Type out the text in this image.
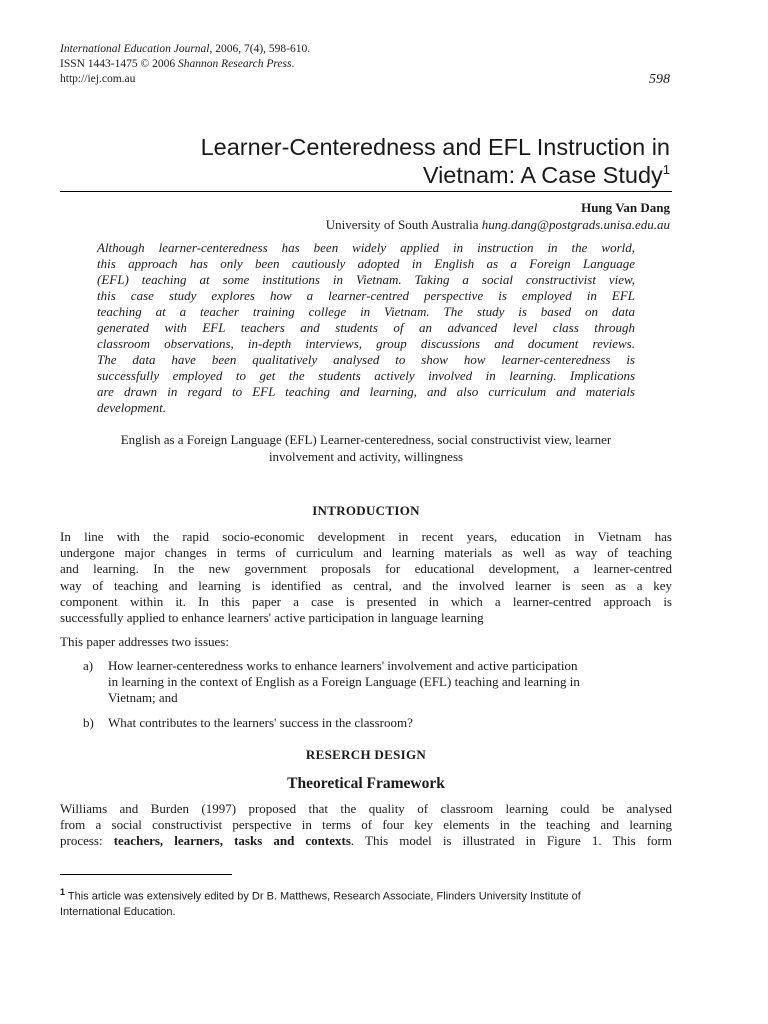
International Education Journal, 2006, 7(4), 598-610.
ISSN 1443-1475 © 2006 Shannon Research Press.
http://iej.com.au	598
Learner-Centeredness and EFL Instruction in
Vietnam: A Case Study$^1$
Hung Van Dang
University of South Australia hung.dang@postgrads.unisa.edu.au
Although learner-centeredness has been widely applied in instruction in the world,
this approach has only been cautiously adopted in English as a Foreign Language
(EFL) teaching at some institutions in Vietnam. Taking a social constructivist view,
this case study explores how a learner-centred perspective is employed in EFL
teaching at a teacher training college in Vietnam. The study is based on data
generated with EFL teachers and students of an advanced level class through
classroom observations, in-depth interviews, group discussions and document reviews.
The data have been qualitatively analysed to show how learner-centeredness is
successfully employed to get the students actively involved in learning. Implications
are drawn in regard to EFL teaching and learning, and also curriculum and materials
development.
English as a Foreign Language (EFL) Learner-centeredness, social constructivist view, learner
involvement and activity, willingness
INTRODUCTION
In line with the rapid socio-economic development in recent years, education in Vietnam has
undergone major changes in terms of curriculum and learning materials as well as way of teaching
and learning. In the new government proposals for educational development, a learner-centred
way of teaching and learning is identified as central, and the involved learner is seen as a key
component within it. In this paper a case is presented in which a learner-centred approach is
successfully applied to enhance learners' active participation in language learning
This paper addresses two issues:
a) How learner-centeredness works to enhance learners' involvement and active participation
in learning in the context of English as a Foreign Language (EFL) teaching and learning in
Vietnam; and
b) What contributes to the learners' success in the classroom?
RESERCH DESIGN
Theoretical Framework
Williams and Burden (1997) proposed that the quality of classroom learning could be analysed
from a social constructivist perspective in terms of four key elements in the teaching and learning
process: teachers, learners, tasks and contexts. This model is illustrated in Figure 1. This form
$^1$ This article was extensively edited by Dr B. Matthews, Research Associate, Flinders University Institute of
International Education.
